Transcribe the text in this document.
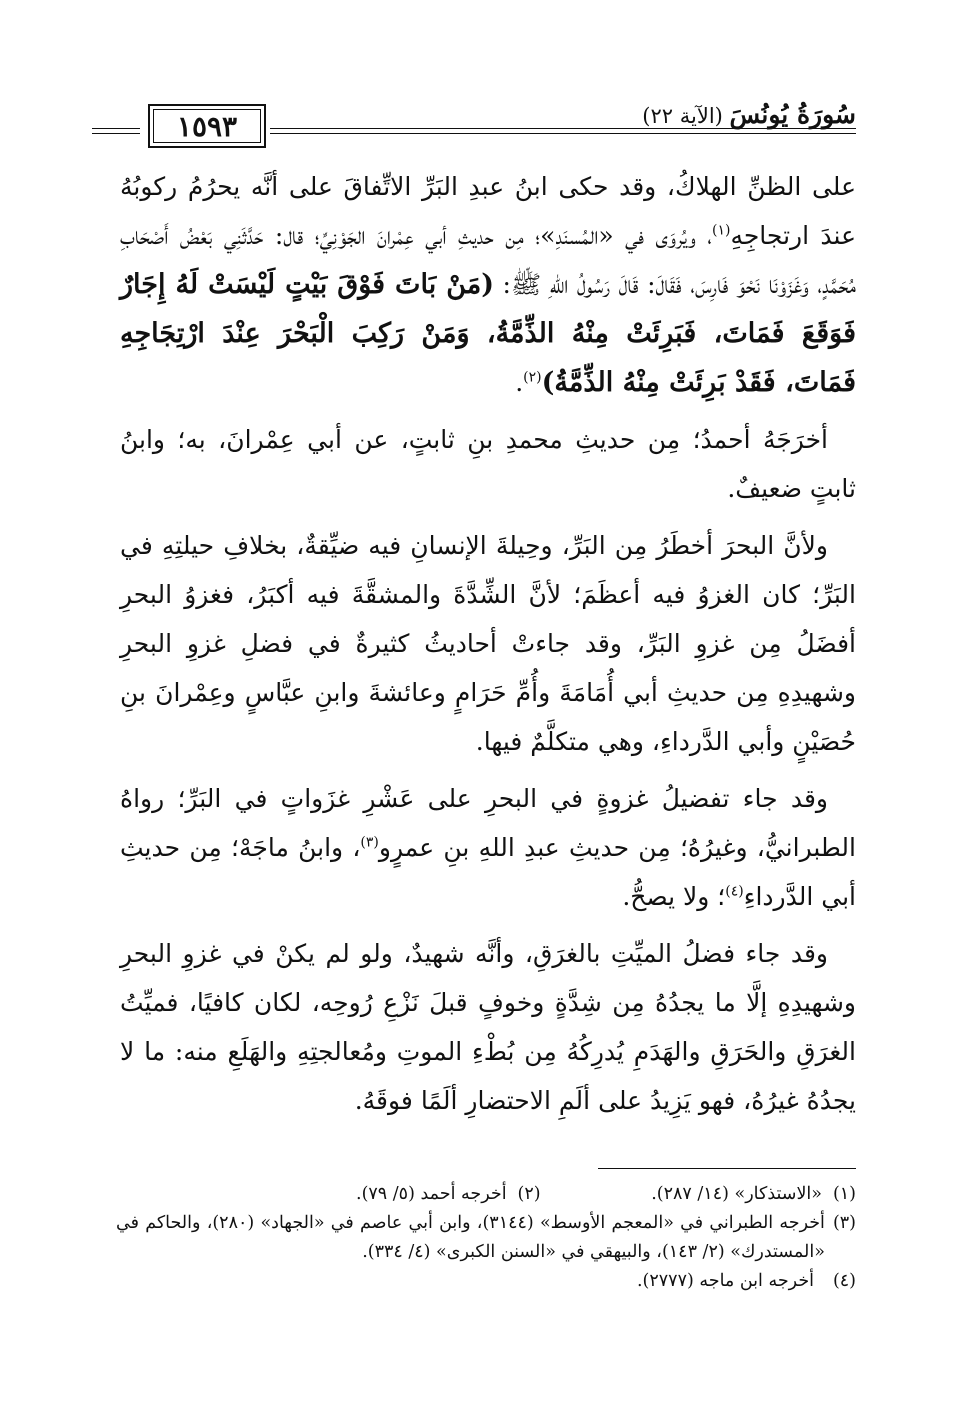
سُورَةُ يُونُسَ (الآية ٢٢)
١٥٩٣

على الظنِّ الهلاكُ، وقد حكى ابنُ عبدِ البَرِّ الاتِّفاقَ على أنَّه يحرُمُ ركوبُهُ عندَ ارتجاجِهِ$^{(١)}$، ويُروَى في «المُسنَدِ»؛ مِن حديثِ أبي عِمْرانَ الجَوْنِيِّ؛ قال: حَدَّثَنِي بَعْضُ أَصْحَابِ مُحَمَّدٍ، وَغَزَوْنَا نَحْوَ فَارِسَ، فَقَالَ: قَالَ رَسُولُ اللهِ ﷺ: (مَنْ بَاتَ فَوْقَ بَيْتٍ لَيْسَتْ لَهُ إِجَارٌ فَوَقَعَ فَمَاتَ، فَبَرِئَتْ مِنْهُ الذِّمَّةُ، وَمَنْ رَكِبَ الْبَحْرَ عِنْدَ ارْتِجَاجِهِ فَمَاتَ، فَقَدْ بَرِئَتْ مِنْهُ الذِّمَّةُ)$^{(٢)}$.

أخرَجَهُ أحمدُ؛ مِن حديثِ محمدِ بنِ ثابتٍ، عن أبي عِمْرانَ، به؛ وابنُ ثابتٍ ضعيفٌ.

ولأنَّ البحرَ أخطَرُ مِن البَرِّ، وحِيلةَ الإنسانِ فيه ضيِّقةٌ، بخلافِ حيلتِهِ في البَرِّ؛ كان الغزوُ فيه أعظَمَ؛ لأنَّ الشِّدَّةَ والمشقَّةَ فيه أكبَرُ، فغزوُ البحرِ أفضَلُ مِن غزوِ البَرِّ، وقد جاءتْ أحاديثُ كثيرةٌ في فضلِ غزوِ البحرِ وشهيدِهِ مِن حديثِ أبي أُمَامَةَ وأُمِّ حَرَامٍ وعائشةَ وابنِ عبَّاسٍ وعِمْرانَ بنِ حُصَيْنٍ وأبي الدَّرداءِ، وهي متكلَّمٌ فيها.

وقد جاء تفضيلُ غزوةٍ في البحرِ على عَشْرِ غزَواتٍ في البَرِّ؛ رواهُ الطبرانيُّ، وغيرُهُ؛ مِن حديثِ عبدِ اللهِ بنِ عمرٍو$^{(٣)}$، وابنُ ماجَهْ؛ مِن حديثِ أبي الدَّرداءِ$^{(٤)}$؛ ولا يصحُّ.

وقد جاء فضلُ الميِّتِ بالغرَقِ، وأنَّه شهيدٌ، ولو لم يكنْ في غزوِ البحرِ وشهيدِهِ إلَّا ما يجدُهُ مِن شِدَّةٍ وخوفٍ قبلَ نَزْعِ رُوحِه، لكان كافيًا، فميِّتُ الغرَقِ والحَرَقِ والهَدَمِ يُدرِكُهُ مِن بُطْءِ الموتِ ومُعالجتِهِ والهَلَعِ منه: ما لا يجدُهُ غيرُهُ، فهو يَزِيدُ على ألَمِ الاحتضارِ ألَمًا فوقَهُ.

(١)«الاستذكار» (١٤/ ٢٨٧).
(٢)أخرجه أحمد (٥/ ٧٩).
(٣)
أخرجه الطبراني في «المعجم الأوسط» (٣١٤٤)، وابن أبي عاصم في «الجهاد» (٢٨٠)، والحاكم في «المستدرك» (٢/ ١٤٣)، والبيهقي في «السنن الكبرى» (٤/ ٣٣٤).
(٤)
أخرجه ابن ماجه (٢٧٧٧).
